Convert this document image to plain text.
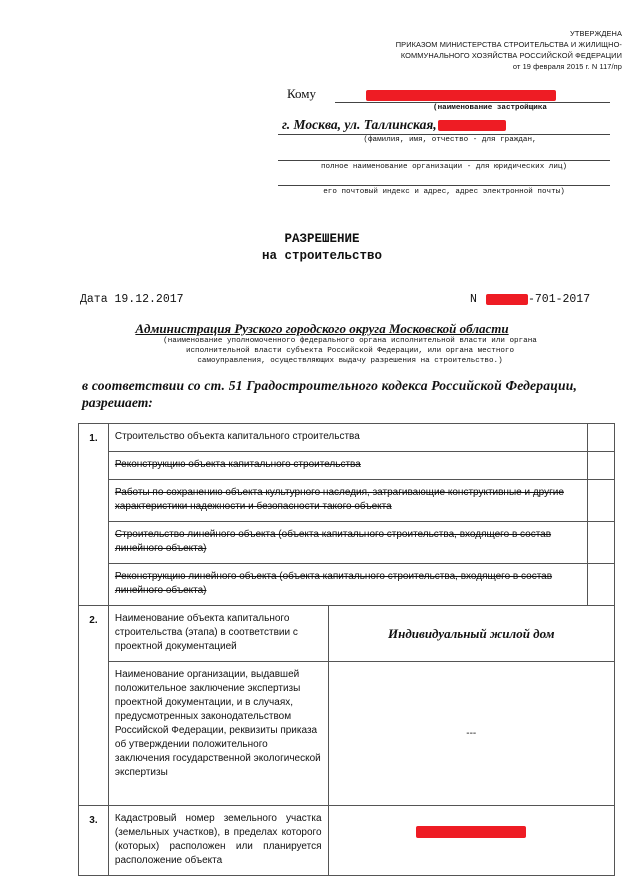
УТВЕРЖДЕНА
ПРИКАЗОМ МИНИСТЕРСТВА СТРОИТЕЛЬСТВА И ЖИЛИЩНО-
КОММУНАЛЬНОГО ХОЗЯЙСТВА РОССИЙСКОЙ ФЕДЕРАЦИИ
от 19 февраля 2015 г. N 117/пр
Кому
(наименование застройщика
г. Москва, ул. Таллинская,
(фамилия, имя, отчество - для граждан,
полное наименование организации - для юридических лиц)
его почтовый индекс и адрес, адрес электронной почты)
РАЗРЕШЕНИЕ
на строительство
Дата 19.12.2017	N	-701-2017
Администрация Рузского городского округа Московской области
(наименование уполномоченного федерального органа исполнительной власти или органа
исполнительной власти субъекта Российской Федерации, или органа местного
самоуправления, осуществляющих выдачу разрешения на строительство.)
в соответствии со ст. 51 Градостроительного кодекса Российской Федерации,
разрешает:
1.	Строительство объекта капитального строительства		

	Реконструкцию объекта капитального строительства		

	Работы по сохранению объекта культурного наследия, затрагивающие конструктивные и другие характеристики надежности и безопасности такого объекта		

	Строительство линейного объекта (объекта капитального строительства, входящего в состав линейного объекта)		

	Реконструкцию линейного объекта (объекта капитального строительства, входящего в состав линейного объекта)		

2.	Наименование объекта капитального строительства (этапа) в соответствии с проектной документацией	Индивидуальный жилой дом	

	Наименование организации, выдавшей положительное заключение экспертизы проектной документации, и в случаях, предусмотренных законодательством Российской Федерации, реквизиты приказа об утверждении положительного заключения государственной экологической экспертизы	---	

3.	Кадастровый номер земельного участка (земельных участков), в пределах которого (которых) расположен или планируется расположение объекта		
